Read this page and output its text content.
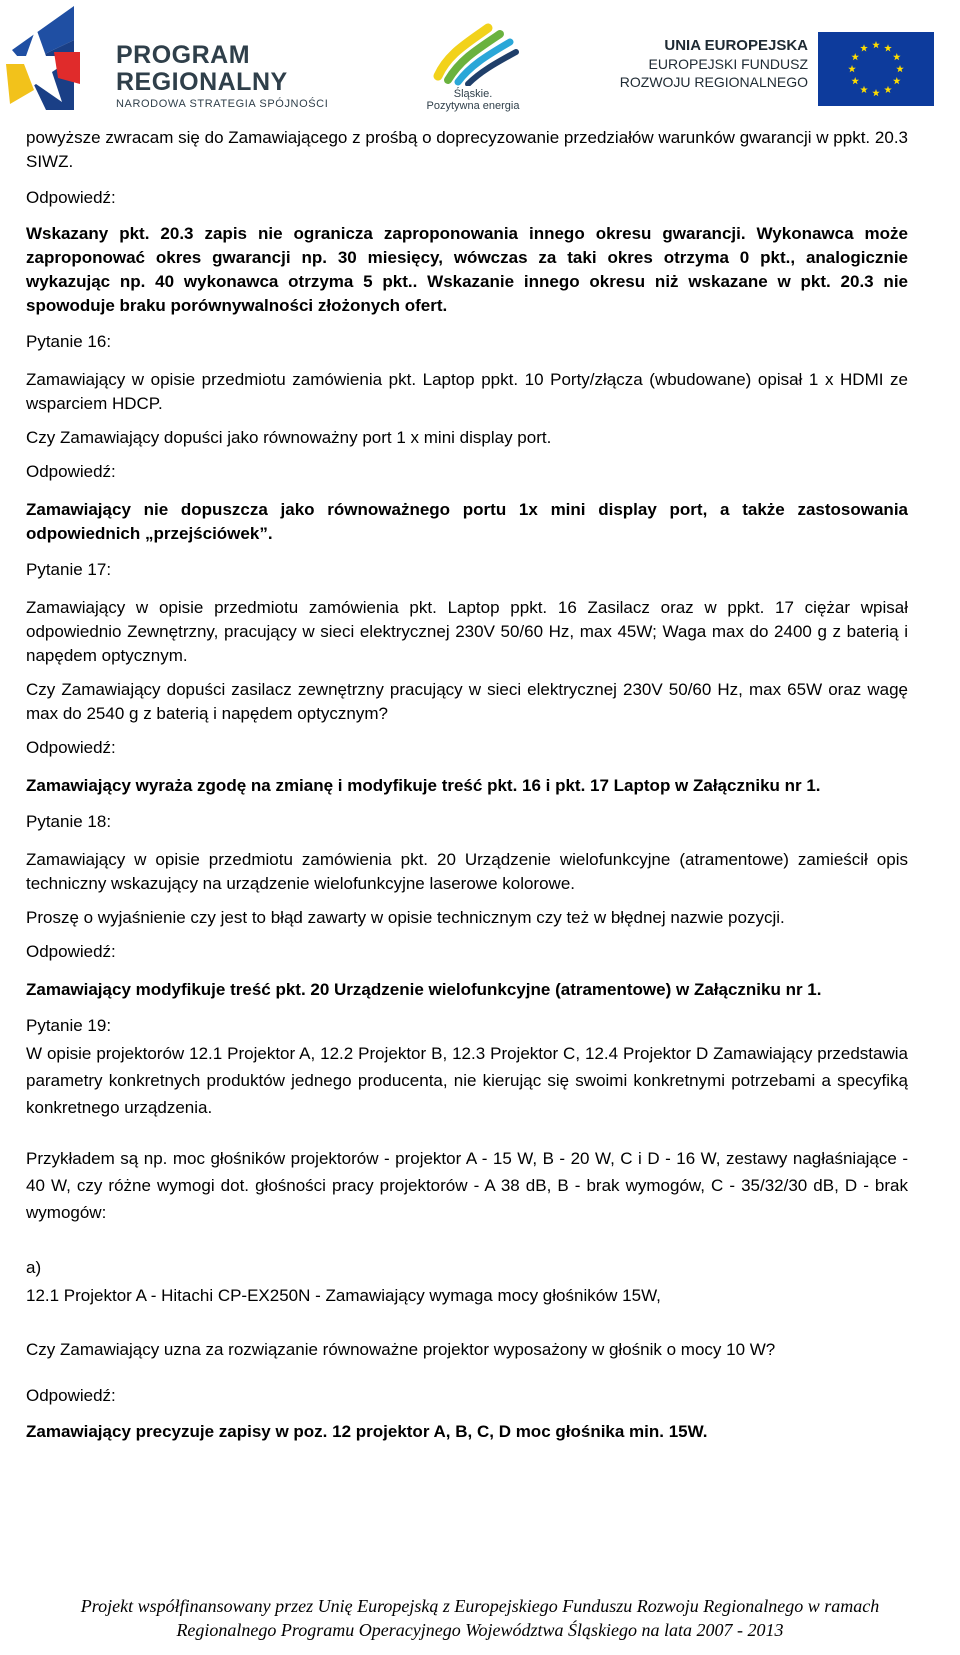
PROGRAM
REGIONALNY
NARODOWA STRATEGIA SPÓJNOŚCI
Śląskie.
Pozytywna energia
UNIA EUROPEJSKA
EUROPEJSKI FUNDUSZ
ROZWOJU REGIONALNEGO

powyższe zwracam się do Zamawiającego z prośbą o doprecyzowanie przedziałów warunków gwarancji w ppkt. 20.3 SIWZ.

Odpowiedź:

Wskazany pkt. 20.3 zapis nie ogranicza zaproponowania innego okresu gwarancji. Wykonawca może zaproponować okres gwarancji np. 30 miesięcy, wówczas za taki okres otrzyma 0 pkt., analogicznie wykazując np. 40 wykonawca otrzyma 5 pkt.. Wskazanie innego okresu niż wskazane w pkt. 20.3 nie spowoduje braku porównywalności złożonych ofert.

Pytanie 16:

Zamawiający w opisie przedmiotu zamówienia pkt. Laptop ppkt. 10 Porty/złącza (wbudowane) opisał 1 x HDMI ze wsparciem HDCP.

Czy Zamawiający dopuści jako równoważny port 1 x mini display port.

Odpowiedź:

Zamawiający nie dopuszcza jako równoważnego portu 1x mini display port, a także zastosowania odpowiednich „przejściówek”.

Pytanie 17:

Zamawiający w opisie przedmiotu zamówienia pkt. Laptop ppkt. 16 Zasilacz oraz w ppkt. 17 ciężar wpisał odpowiednio Zewnętrzny, pracujący w sieci elektrycznej 230V 50/60 Hz, max 45W; Waga max do 2400 g z baterią i napędem optycznym.

Czy Zamawiający dopuści zasilacz zewnętrzny pracujący w sieci elektrycznej 230V 50/60 Hz, max 65W oraz wagę max do 2540 g z baterią i napędem optycznym?

Odpowiedź:

Zamawiający wyraża zgodę na zmianę i modyfikuje treść pkt. 16 i pkt. 17 Laptop w Załączniku nr 1.

Pytanie 18:

Zamawiający w opisie przedmiotu zamówienia pkt. 20 Urządzenie wielofunkcyjne (atramentowe) zamieścił opis techniczny wskazujący na urządzenie wielofunkcyjne laserowe kolorowe.

Proszę o wyjaśnienie czy jest to błąd zawarty w opisie technicznym czy też w błędnej nazwie pozycji.

Odpowiedź:

Zamawiający modyfikuje treść pkt. 20 Urządzenie wielofunkcyjne (atramentowe) w Załączniku nr 1.

Pytanie 19:

W opisie projektorów 12.1 Projektor A, 12.2 Projektor B, 12.3 Projektor C, 12.4 Projektor D Zamawiający przedstawia parametry konkretnych produktów jednego producenta, nie kierując się swoimi konkretnymi potrzebami a specyfiką konkretnego urządzenia.

Przykładem są np. moc głośników projektorów - projektor A - 15 W, B - 20 W, C i D - 16 W, zestawy nagłaśniające - 40 W, czy różne wymogi dot. głośności pracy projektorów - A 38 dB, B - brak wymogów, C - 35/32/30 dB, D - brak wymogów:

a)

12.1 Projektor A - Hitachi CP-EX250N - Zamawiający wymaga mocy głośników 15W,

Czy Zamawiający uzna za rozwiązanie równoważne projektor wyposażony w głośnik o mocy 10 W?

Odpowiedź:

Zamawiający precyzuje zapisy w poz. 12 projektor A, B, C, D moc głośnika min. 15W.

Projekt współfinansowany przez Unię Europejską z Europejskiego Funduszu Rozwoju Regionalnego w ramach
Regionalnego Programu Operacyjnego Województwa Śląskiego na lata 2007 - 2013
